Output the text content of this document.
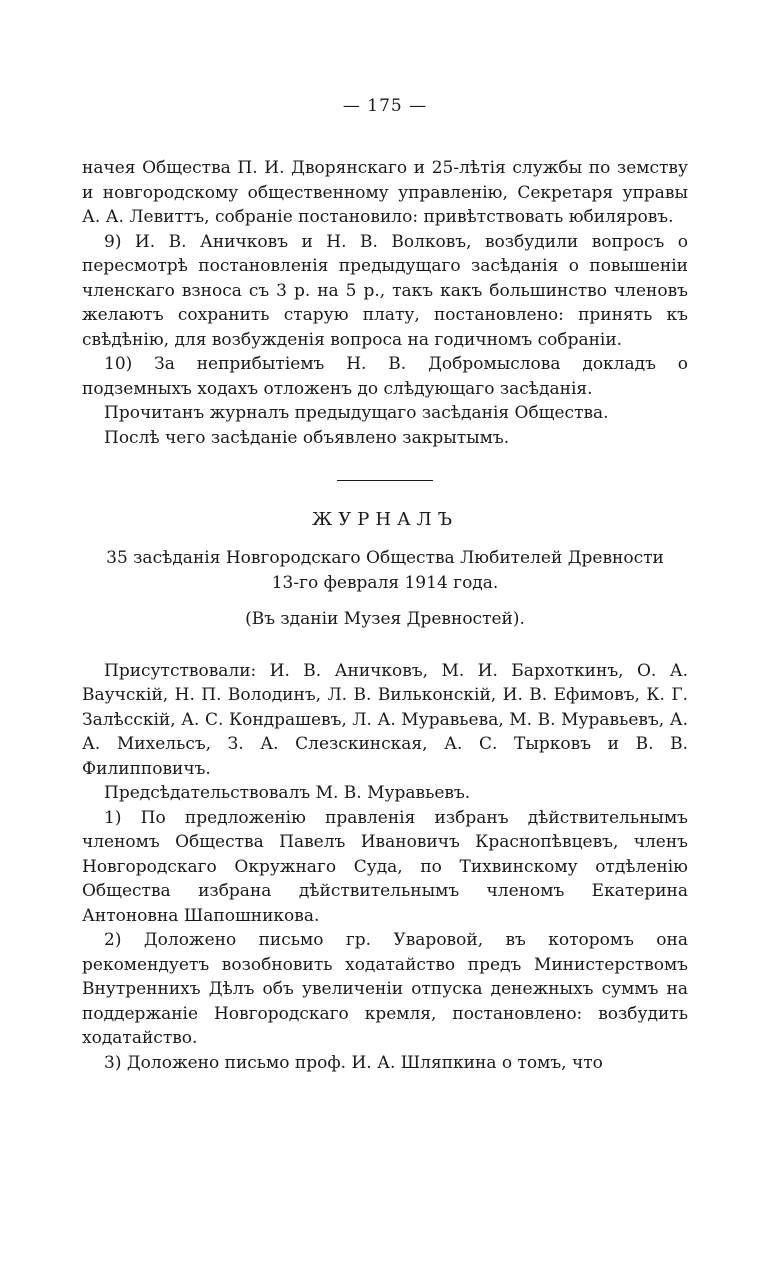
— 175 —

начея Общества П. И. Дворянскаго и 25-лѣтія службы по земству и новгородскому общественному управленію, Секретаря управы А. А. Левиттъ, собраніе постановило: привѣтствовать юбиляровъ.

9) И. В. Аничковъ и Н. В. Волковъ, возбудили вопросъ о пересмотрѣ постановленія предыдущаго засѣданія о повышеніи членскаго взноса съ 3 р. на 5 р., такъ какъ большинство членовъ желаютъ сохранить старую плату, постановлено: принять къ свѣдѣнію, для возбужденія вопроса на годичномъ собраніи.

10) За неприбытіемъ Н. В. Добромыслова докладъ о подземныхъ ходахъ отложенъ до слѣдующаго засѣданія.

Прочитанъ журналъ предыдущаго засѣданія Общества.

Послѣ чего засѣданіе объявлено закрытымъ.

ЖУРНАЛЪ
35 засѣданія Новгородскаго Общества Любителей Древности
13-го февраля 1914 года.
(Въ зданіи Музея Древностей).

Присутствовали: И. В. Аничковъ, М. И. Бархоткинъ, О. А. Ваучскій, Н. П. Володинъ, Л. В. Вильконскій, И. В. Ефимовъ, К. Г. Залѣсскій, А. С. Кондрашевъ, Л. А. Муравьева, М. В. Муравьевъ, А. А. Михельсъ, З. А. Слезскинская, А. С. Тырковъ и В. В. Филипповичъ.

Предсѣдательствовалъ М. В. Муравьевъ.

1) По предложенію правленія избранъ дѣйствительнымъ членомъ Общества Павелъ Ивановичъ Краснопѣвцевъ, членъ Новгородскаго Окружнаго Суда, по Тихвинскому отдѣленію Общества избрана дѣйствительнымъ членомъ Екатерина Антоновна Шапошникова.

2) Доложено письмо гр. Уваровой, въ которомъ она рекомендуетъ возобновить ходатайство предъ Министерствомъ Внутреннихъ Дѣлъ объ увеличеніи отпуска денежныхъ суммъ на поддержаніе Новгородскаго кремля, постановлено: возбудить ходатайство.

3) Доложено письмо проф. И. А. Шляпкина о томъ, что
